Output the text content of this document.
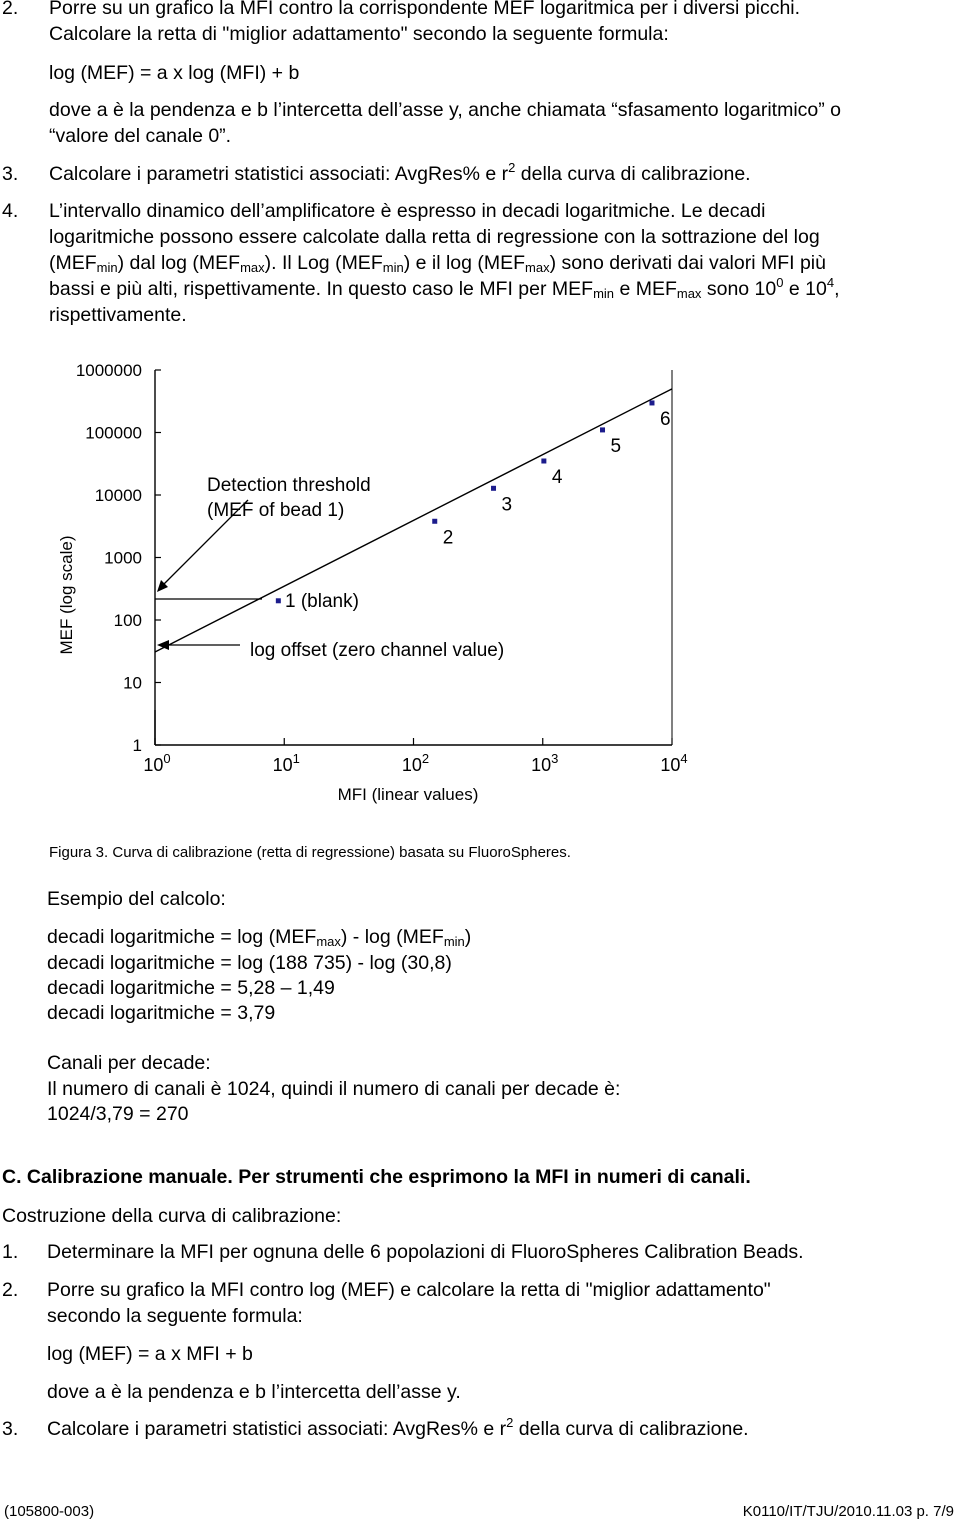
2. Porre su un grafico la MFI contro la corrispondente MEF logaritmica per i diversi picchi.
Calcolare la retta di "miglior adattamento" secondo la seguente formula:
log (MEF) = a x log (MFI) + b
dove a è la pendenza e b l’intercetta dell’asse y, anche chiamata “sfasamento logaritmico” o
“valore del canale 0”.
3. Calcolare i parametri statistici associati: AvgRes% e $r^2$ della curva di calibrazione.
4. L’intervallo dinamico dell’amplificatore è espresso in decadi logaritmiche. Le decadi
logaritmiche possono essere calcolate dalla retta di regressione con la sottrazione del log
$(MEF_{min})$ dal $\log (MEF_{max})$. Il Log $(MEF_{min})$ e il $\log (MEF_{max})$ sono derivati dai valori MFI più
bassi e più alti, rispettivamente. In questo caso le MFI per $MEF_{min}$ e $MEF_{max}$ sono $10^0$ e $10^4$,
rispettivamente.
1
10
100
1000
10000
100000
1000000
$10^0$	$10^1$	$10^2$	$10^3$	$10^4$
MEF (log scale)
MFI (linear values)
2
3
4
5
6
Detection threshold
(MEF of bead 1)
1 (blank)
log offset (zero channel value)
Figura 3. Curva di calibrazione (retta di regressione) basata su FluoroSpheres.
Esempio del calcolo:
decadi logaritmiche = $\log (MEF_{max})$ - $\log (MEF_{min})$
decadi logaritmiche = log (188 735) - log (30,8)
decadi logaritmiche = 5,28 – 1,49
decadi logaritmiche = 3,79
Canali per decade:
Il numero di canali è 1024, quindi il numero di canali per decade è:
1024/3,79 = 270
C. Calibrazione manuale. Per strumenti che esprimono la MFI in numeri di canali.
Costruzione della curva di calibrazione:
1. Determinare la MFI per ognuna delle 6 popolazioni di FluoroSpheres Calibration Beads.
2. Porre su grafico la MFI contro log (MEF) e calcolare la retta di "miglior adattamento"
secondo la seguente formula:
log (MEF) = a x MFI + b
dove a è la pendenza e b l’intercetta dell’asse y.
3. Calcolare i parametri statistici associati: AvgRes% e $r^2$ della curva di calibrazione.
(105800-003)	K0110/IT/TJU/2010.11.03 p. 7/9
